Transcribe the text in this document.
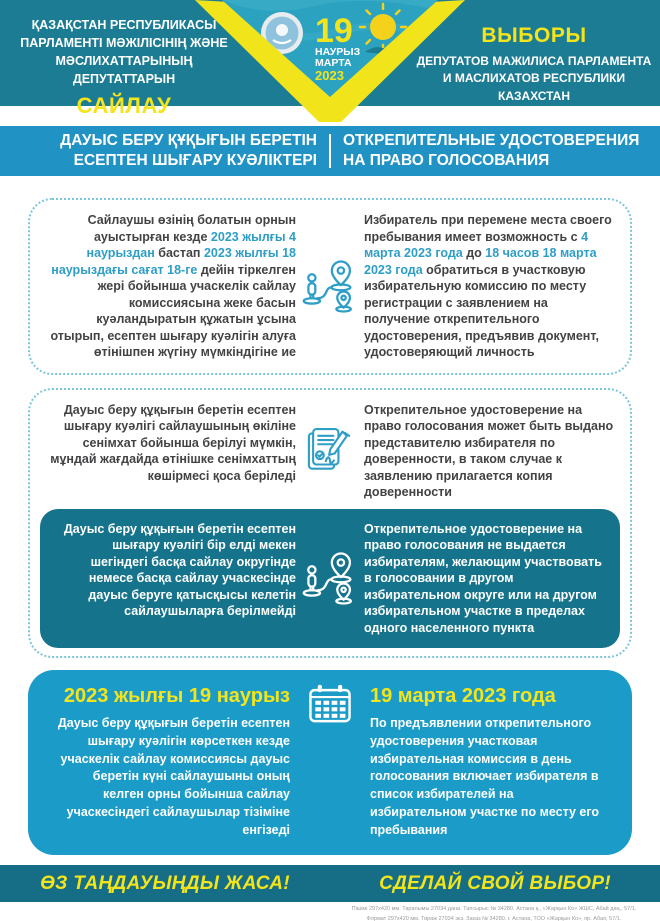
ҚАЗАҚСТАН РЕСПУБЛИКАСЫ
ПАРЛАМЕНТІ МӘЖІЛІСІНІҢ ЖӘНЕ
МӘСЛИХАТТАРЫНЫҢ ДЕПУТАТТАРЫН
САЙЛАУ
ВЫБОРЫ
ДЕПУТАТОВ МАЖИЛИСА ПАРЛАМЕНТА
И МАСЛИХАТОВ РЕСПУБЛИКИ КАЗАХСТАН
19
НАУРЫЗ
МАРТА
2023
ДАУЫС БЕРУ ҚҰҚЫҒЫН БЕРЕТІН
ЕСЕПТЕН ШЫҒАРУ КУӘЛІКТЕРІ
ОТКРЕПИТЕЛЬНЫЕ УДОСТОВЕРЕНИЯ
НА ПРАВО ГОЛОСОВАНИЯ
Сайлаушы өзінің болатын орнын ауыстырған кезде 2023 жылғы 4 наурыздан бастап 2023 жылғы 18 наурыздағы сағат 18-ге дейін тіркелген жері бойынша учаскелік сайлау комиссиясына жеке басын куәландыратын құжатын ұсына отырып, есептен шығару куәлігін алуға өтінішпен жүгіну мүмкіндігіне ие
Избиратель при перемене места своего пребывания имеет возможность с 4 марта 2023 года до 18 часов 18 марта 2023 года обратиться в участковую избирательную комиссию по месту регистрации с заявлением на получение открепительного удостоверения, предъявив документ, удостоверяющий личность
Дауыс беру құқығын беретін есептен шығару куәлігі сайлаушының өкіліне сенімхат бойынша берілуі мүмкін, мұндай жағдайда өтінішке сенімхаттың көшірмесі қоса беріледі
Открепительное удостоверение на право голосования может быть выдано представителю избирателя по доверенности, в таком случае к заявлению прилагается копия доверенности
Дауыс беру құқығын беретін есептен шығару куәлігі бір елді мекен шегіндегі басқа сайлау округінде немесе басқа сайлау учаскесінде дауыс беруге қатысқысы келетін сайлаушыларға берілмейді
Открепительное удостоверение на право голосования не выдается избирателям, желающим участвовать в голосовании в другом избирательном округе или на другом избирательном участке в пределах одного населенного пункта
2023 жылғы 19 наурыз

Дауыс беру құқығын беретін есептен шығару куәлігін көрсеткен кезде учаскелік сайлау комиссиясы дауыс беретін күні сайлаушыны оның келген орны бойынша сайлау учаскесіндегі сайлаушылар тізіміне енгізеді

19 марта 2023 года

По предъявлении открепительного удостоверения участковая избирательная комиссия в день голосования включает избирателя в список избирателей на избирательном участке по месту его пребывания

ӨЗ ТАҢДАУЫҢДЫ ЖАСА!	СДЕЛАЙ СВОЙ ВЫБОР!
Пішімі 297х420 мм. Таралымы 27034 дана. Тапсырыс № 34280. Астана қ., «Жарқын Ко» ЖШС, Абай даң., 57/1.
Формат 297х420 мм. Тираж 27034 экз. Заказ № 34280. г. Астана, ТОО «Жарқын Ко», пр. Абая, 57/1.
